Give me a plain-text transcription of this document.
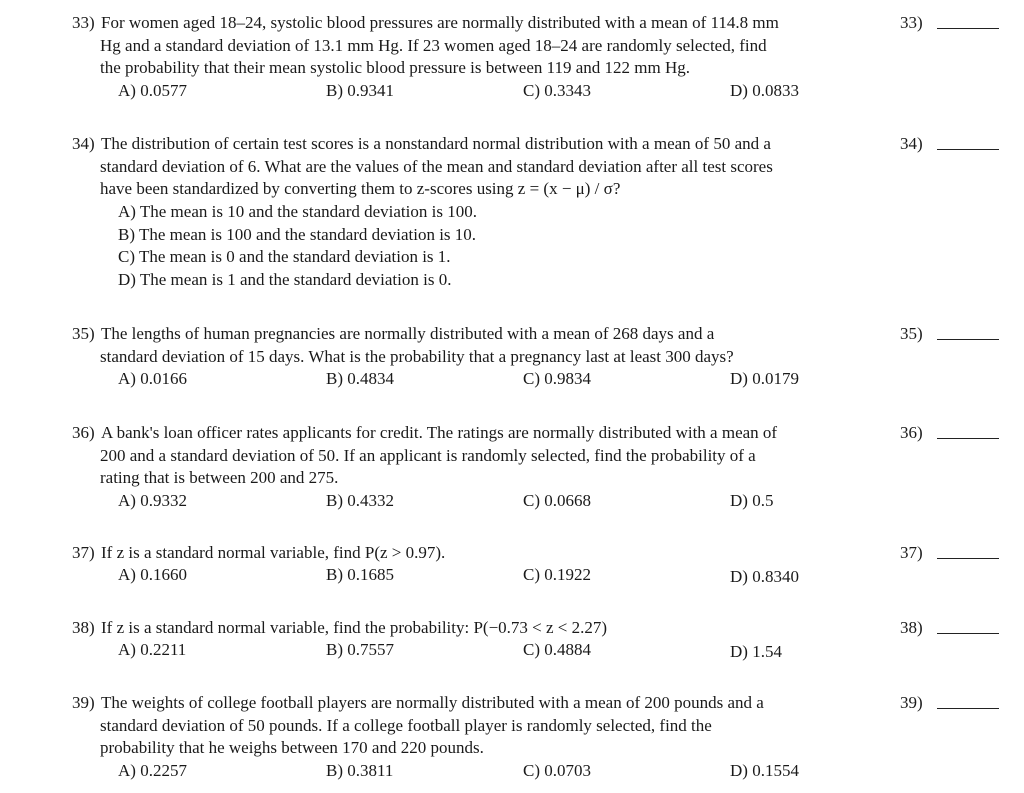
33) For women aged 18–24, systolic blood pressures are normally distributed with a mean of 114.8 mm
Hg and a standard deviation of 13.1 mm Hg. If 23 women aged 18–24 are randomly selected, find
the probability that their mean systolic blood pressure is between 119 and 122 mm Hg.

33)
A) 0.0577	B) 0.9341	C) 0.3343	D) 0.0833

34) The distribution of certain test scores is a nonstandard normal distribution with a mean of 50 and a
standard deviation of 6. What are the values of the mean and standard deviation after all test scores
have been standardized by converting them to z-scores using z = (x − μ) / σ?

34)
A) The mean is 10 and the standard deviation is 100.
B) The mean is 100 and the standard deviation is 10.
C) The mean is 0 and the standard deviation is 1.
D) The mean is 1 and the standard deviation is 0.

35) The lengths of human pregnancies are normally distributed with a mean of 268 days and a
standard deviation of 15 days. What is the probability that a pregnancy last at least 300 days?

35)
A) 0.0166	B) 0.4834	C) 0.9834	D) 0.0179

36) A bank's loan officer rates applicants for credit. The ratings are normally distributed with a mean of
200 and a standard deviation of 50. If an applicant is randomly selected, find the probability of a
rating that is between 200 and 275.

36)
A) 0.9332	B) 0.4332	C) 0.0668	D) 0.5

37) If z is a standard normal variable, find P(z > 0.97).	37)
A) 0.1660	B) 0.1685	C) 0.1922	D) 0.8340

38) If z is a standard normal variable, find the probability: P(−0.73 < z < 2.27)	38)
A) 0.2211	B) 0.7557	C) 0.4884	D) 1.54

39) The weights of college football players are normally distributed with a mean of 200 pounds and a
standard deviation of 50 pounds. If a college football player is randomly selected, find the
probability that he weighs between 170 and 220 pounds.

39)
A) 0.2257	B) 0.3811	C) 0.0703	D) 0.1554
